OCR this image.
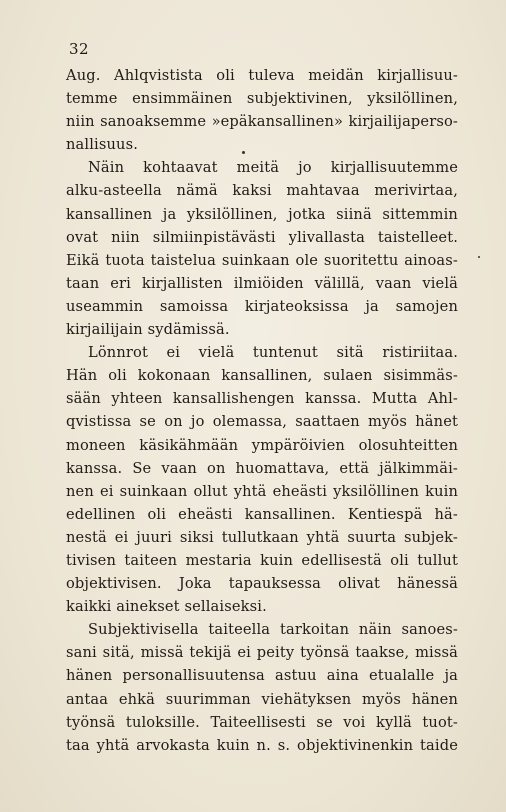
32
Aug. Ahlqvistista oli tuleva meidän kirjallisuu-
temme ensimmäinen subjektivinen, yksilöllinen,
niin sanoaksemme »epäkansallinen» kirjailijaperso-
nallisuus.
Näin kohtaavat meitä jo kirjallisuutemme
alku-asteella nämä kaksi mahtavaa merivirtaa,
kansallinen ja yksilöllinen, jotka siinä sittemmin
ovat niin silmiinpistävästi ylivallasta taistelleet.
Eikä tuota taistelua suinkaan ole suoritettu ainoas-
taan eri kirjallisten ilmiöiden välillä, vaan vielä
useammin samoissa kirjateoksissa ja samojen
kirjailijain sydämissä.
Lönnrot ei vielä tuntenut sitä ristiriitaa.
Hän oli kokonaan kansallinen, sulaen sisimmäs-
sään yhteen kansallishengen kanssa. Mutta Ahl-
qvistissa se on jo olemassa, saattaen myös hänet
moneen käsikähmään ympäröivien olosuhteitten
kanssa. Se vaan on huomattava, että jälkimmäi-
nen ei suinkaan ollut yhtä eheästi yksilöllinen kuin
edellinen oli eheästi kansallinen. Kentiespä hä-
nestä ei juuri siksi tullutkaan yhtä suurta subjek-
tivisen taiteen mestaria kuin edellisestä oli tullut
objektivisen. Joka tapauksessa olivat hänessä
kaikki ainekset sellaiseksi.
Subjektivisella taiteella tarkoitan näin sanoes-
sani sitä, missä tekijä ei peity työnsä taakse, missä
hänen personallisuutensa astuu aina etualalle ja
antaa ehkä suurimman viehätyksen myös hänen
työnsä tuloksille. Taiteellisesti se voi kyllä tuot-
taa yhtä arvokasta kuin n. s. objektivinenkin taide
